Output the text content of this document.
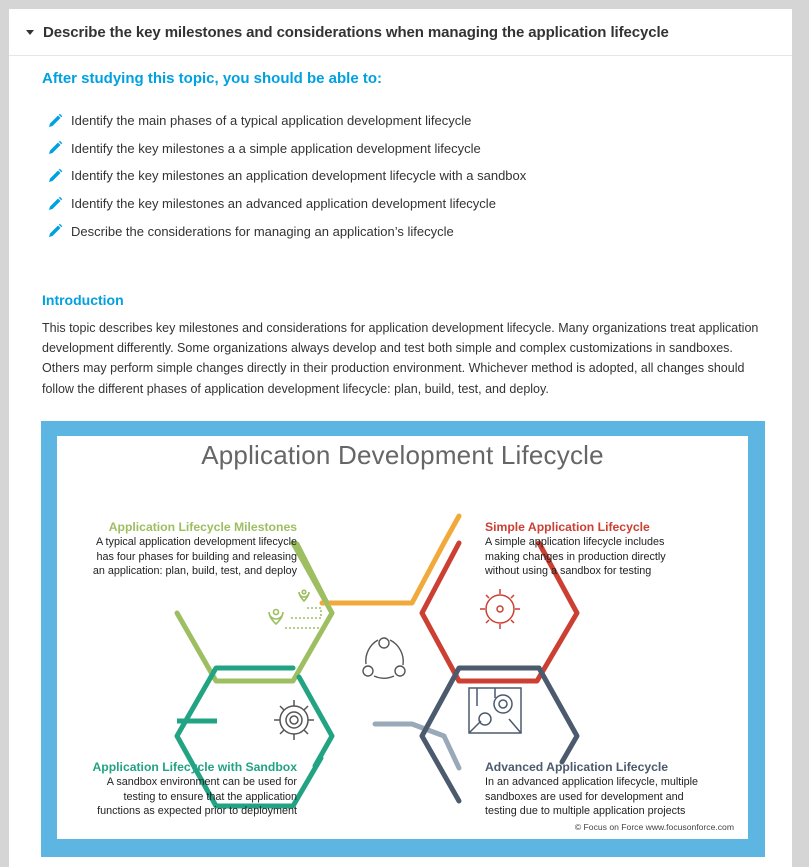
Describe the key milestones and considerations when managing the application lifecycle
After studying this topic, you should be able to:
Identify the main phases of a typical application development lifecycle
Identify the key milestones a a simple application development lifecycle
Identify the key milestones an application development lifecycle with a sandbox
Identify the key milestones an advanced application development lifecycle
Describe the considerations for managing an application’s lifecycle
Introduction

This topic describes key milestones and considerations for application development lifecycle. Many organizations treat application development differently. Some organizations always develop and test both simple and complex customizations in sandboxes. Others may perform simple changes directly in their production environment. Whichever method is adopted, all changes should follow the different phases of application development lifecycle: plan, build, test, and deploy.

Application Development Lifecycle
Application Lifecycle Milestones
A typical application development lifecycle
has four phases for building and releasing
an application: plan, build, test, and deploy
Simple Application Lifecycle
A simple application lifecycle includes
making changes in production directly
without using a sandbox for testing
Application Lifecycle with Sandbox
A sandbox environment can be used for
testing to ensure that the application
functions as expected prior to deployment
Advanced Application Lifecycle
In an advanced application lifecycle, multiple
sandboxes are used for development and
testing due to multiple application projects
© Focus on Force www.focusonforce.com
